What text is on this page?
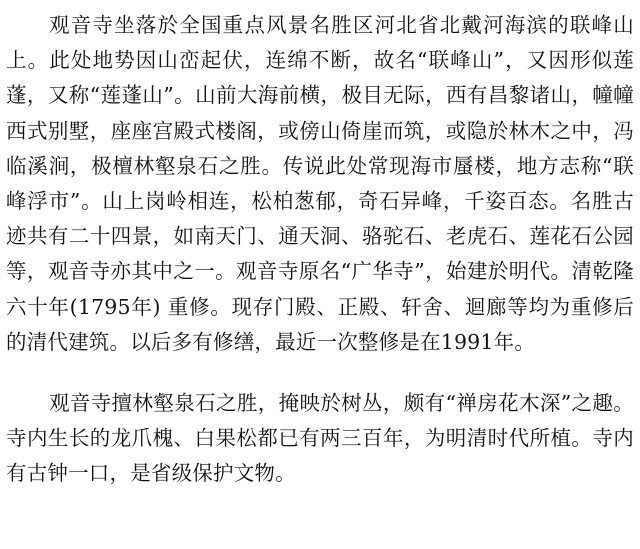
观音寺坐落於全国重点风景名胜区河北省北戴河海滨的联峰山上。此处地势因山峦起伏，连绵不断，故名“联峰山”，又因形似莲蓬，又称“莲蓬山”。山前大海前横，极目无际，西有昌黎诸山，幢幢西式别墅，座座宫殿式楼阁，或傍山倚崖而筑，或隐於林木之中，冯临溪涧，极檀林壑泉石之胜。传说此处常现海市蜃楼，地方志称“联峰浮市”。山上岗岭相连，松柏葱郁，奇石异峰，千姿百态。名胜古迹共有二十四景，如南天门、通天洞、骆驼石、老虎石、莲花石公园等，观音寺亦其中之一。观音寺原名“广华寺”，始建於明代。清乾隆六十年(1795年) 重修。现存门殿、正殿、轩舍、迴廊等均为重修后的清代建筑。以后多有修缮，最近一次整修是在1991年。

观音寺擅林壑泉石之胜，掩映於树丛，颇有“禅房花木深”之趣。寺内生长的龙爪槐、白果松都已有两三百年，为明清时代所植。寺内有古钟一口，是省级保护文物。
